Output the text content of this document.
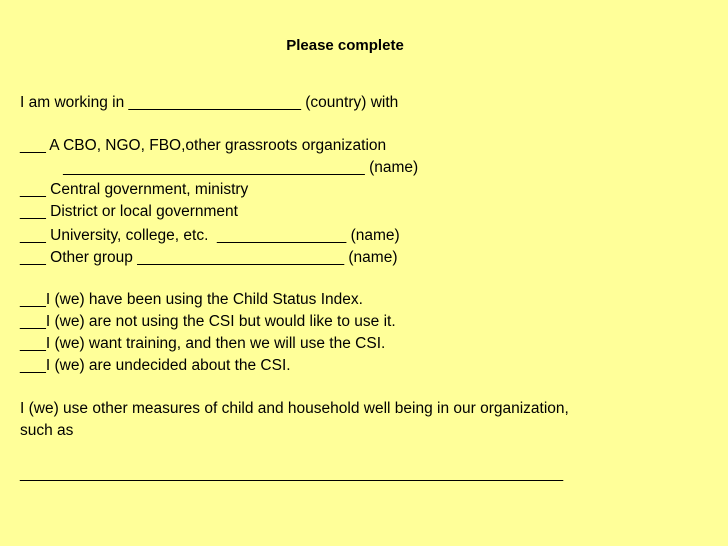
Please complete
I am working in ____________________ (country) with
___ A CBO, NGO, FBO,other grassroots organization
___________________________________ (name)
___ Central government, ministry
___ District or local government
___ University, college, etc.  _______________ (name)
___ Other group ________________________ (name)
___I (we) have been using the Child Status Index.
___I (we) are not using the CSI but would like to use it.
___I (we) want training, and then we will use the CSI.
___I (we) are undecided about the CSI.
I (we) use other measures of child and household well being in our organization,
such as
_______________________________________________________________
